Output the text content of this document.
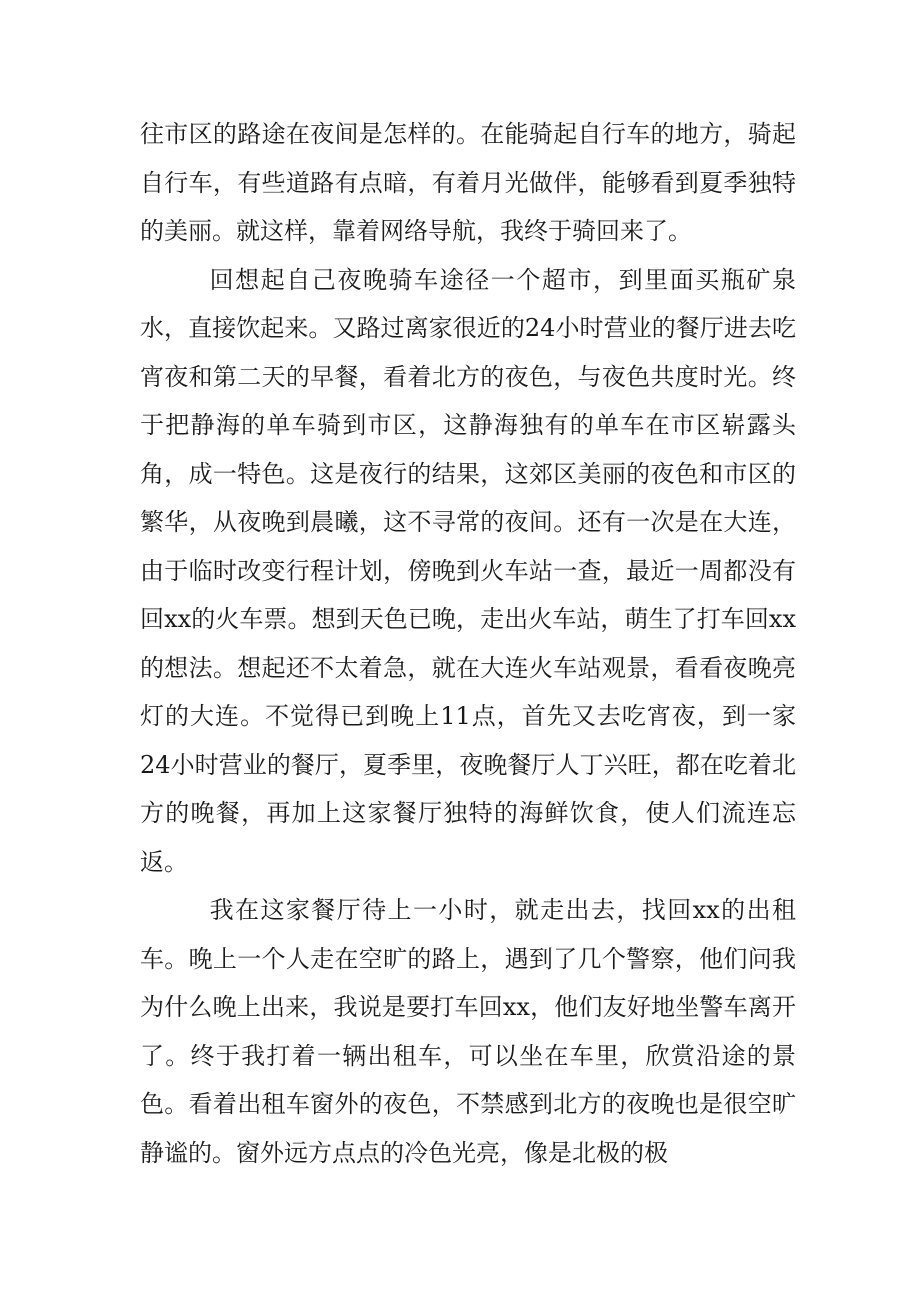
往市区的路途在夜间是怎样的。在能骑起自行车的地方，骑起自行车，有些道路有点暗，有着月光做伴，能够看到夏季独特的美丽。就这样，靠着网络导航，我终于骑回来了。

回想起自己夜晚骑车途径一个超市，到里面买瓶矿泉水，直接饮起来。又路过离家很近的24小时营业的餐厅进去吃宵夜和第二天的早餐，看着北方的夜色，与夜色共度时光。终于把静海的单车骑到市区，这静海独有的单车在市区崭露头角，成一特色。这是夜行的结果，这郊区美丽的夜色和市区的繁华，从夜晚到晨曦，这不寻常的夜间。还有一次是在大连，由于临时改变行程计划，傍晚到火车站一查，最近一周都没有回xx的火车票。想到天色已晚，走出火车站，萌生了打车回xx的想法。想起还不太着急，就在大连火车站观景，看看夜晚亮灯的大连。不觉得已到晚上11点，首先又去吃宵夜，到一家24小时营业的餐厅，夏季里，夜晚餐厅人丁兴旺，都在吃着北方的晚餐，再加上这家餐厅独特的海鲜饮食，使人们流连忘返。

我在这家餐厅待上一小时，就走出去，找回xx的出租车。晚上一个人走在空旷的路上，遇到了几个警察，他们问我为什么晚上出来，我说是要打车回xx，他们友好地坐警车离开了。终于我打着一辆出租车，可以坐在车里，欣赏沿途的景色。看着出租车窗外的夜色，不禁感到北方的夜晚也是很空旷静谧的。窗外远方点点的冷色光亮，像是北极的极
